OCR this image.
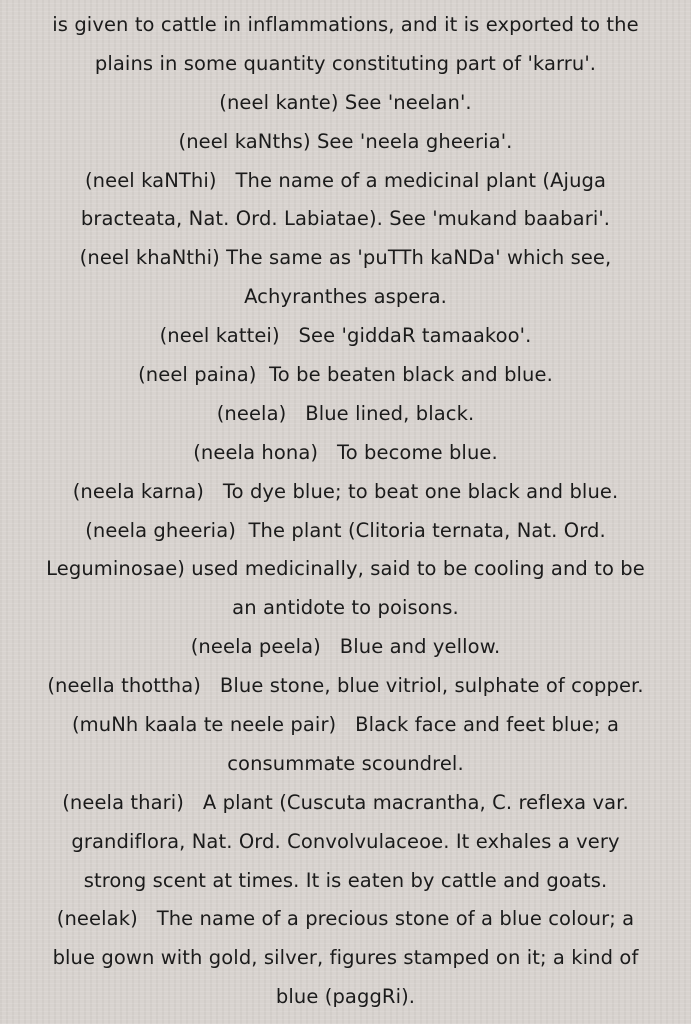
is given to cattle in inflammations, and it is exported to the
plains in some quantity constituting part of 'karru'.
(neel kante) See 'neelan'.
(neel kaNths) See 'neela gheeria'.
(neel kaNThi)   The name of a medicinal plant (Ajuga
bracteata, Nat. Ord. Labiatae). See 'mukand baabari'.
(neel khaNthi) The same as 'puTTh kaNDa' which see,
Achyranthes aspera.
(neel kattei)   See 'giddaR tamaakoo'.
(neel paina)  To be beaten black and blue.
(neela)   Blue lined, black.
(neela hona)   To become blue.
(neela karna)   To dye blue; to beat one black and blue.
(neela gheeria)  The plant (Clitoria ternata, Nat. Ord.
Leguminosae) used medicinally, said to be cooling and to be
an antidote to poisons.
(neela peela)   Blue and yellow.
(neella thottha)   Blue stone, blue vitriol, sulphate of copper.
(muNh kaala te neele pair)   Black face and feet blue; a
consummate scoundrel.
(neela thari)   A plant (Cuscuta macrantha, C. reflexa var.
grandiflora, Nat. Ord. Convolvulaceoe. It exhales a very
strong scent at times. It is eaten by cattle and goats.
(neelak)   The name of a precious stone of a blue colour; a
blue gown with gold, silver, figures stamped on it; a kind of
blue (paggRi).
